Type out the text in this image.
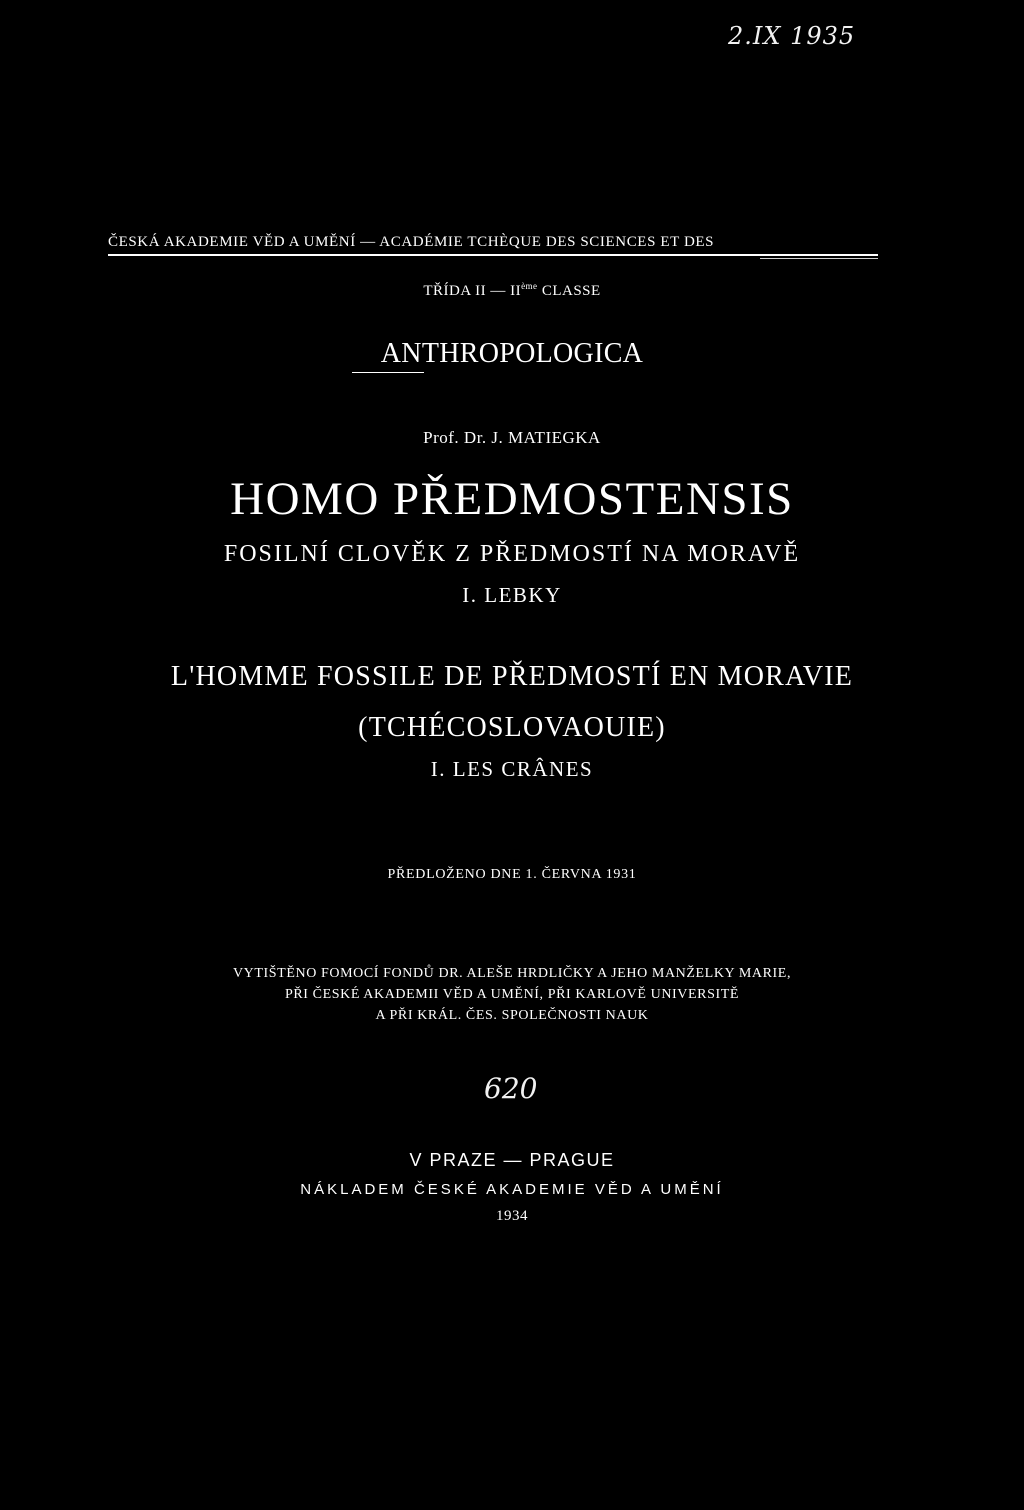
2.IX 1935
ČESKÁ AKADEMIE VĚD A UMĚNÍ — ACADÉMIE TCHÈQUE DES SCIENCES ET DES
TŘÍDA II — IIème CLASSE
ANTHROPOLOGICA
Prof. Dr. J. MATIEGKA
HOMO PŘEDMOSTENSIS
FOSILNÍ CLOVĚK Z PŘEDMOSTÍ NA MORAVĚ
I. LEBKY
L'HOMME FOSSILE DE PŘEDMOSTÍ EN MORAVIE
(TCHÉCOSLOVAOUIE)
I. LES CRÂNES
PŘEDLOŽENO DNE 1. ČERVNA 1931
VYTIŠTĚNO FOMOCÍ FONDŮ DR. ALEŠE HRDLIČKY A JEHO MANŽELKY MARIE,
PŘI ČESKÉ AKADEMII VĚD A UMĚNÍ, PŘI KARLOVĚ UNIVERSITĚ
A PŘI KRÁL. ČES. SPOLEČNOSTI NAUK
620
V PRAZE — PRAGUE
NÁKLADEM ČESKÉ AKADEMIE VĚD A UMĚNÍ
1934
